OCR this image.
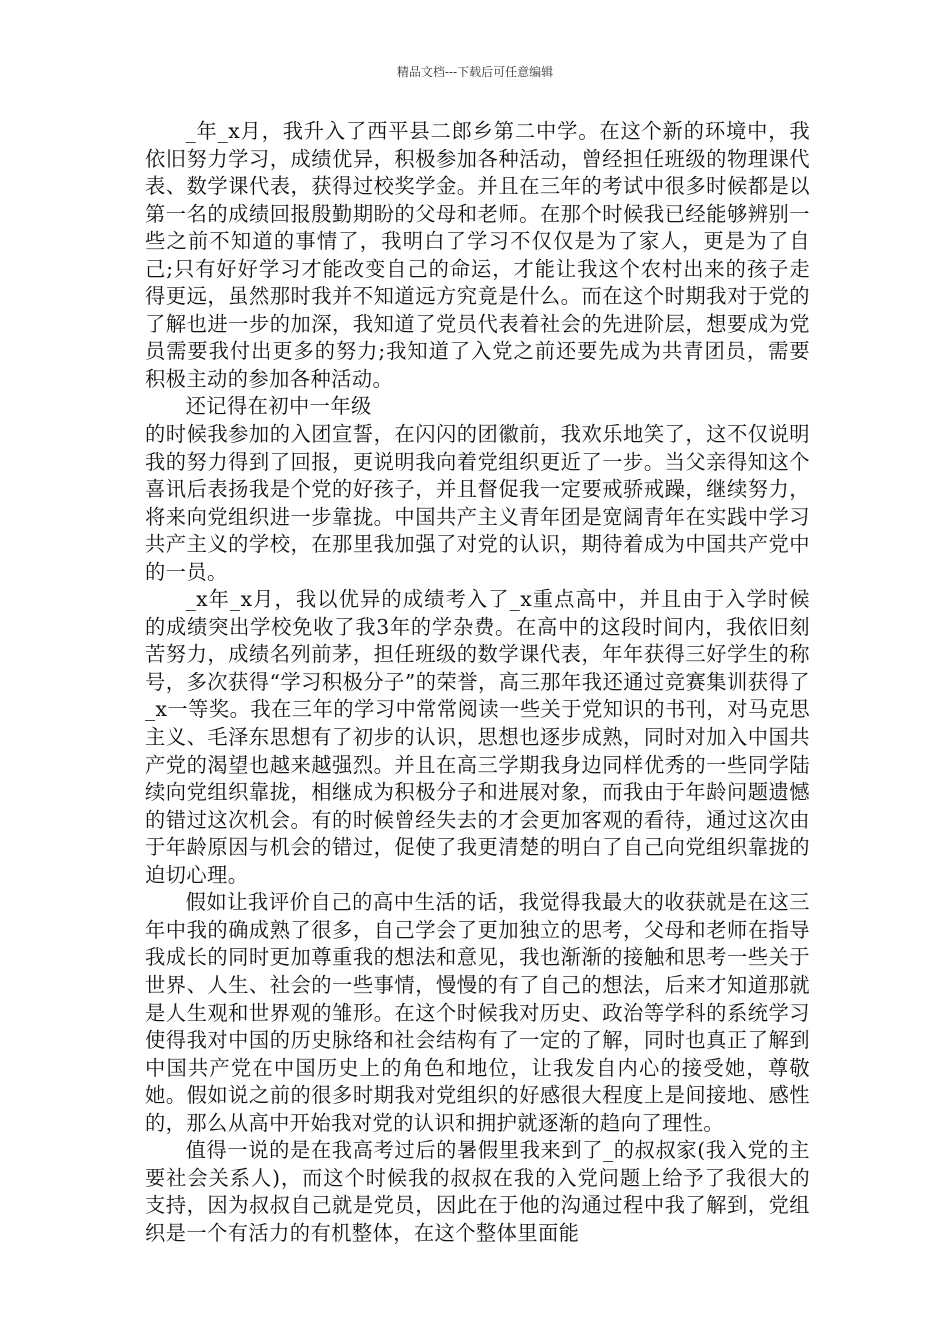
精品文档---下载后可任意编辑

_年_x月，我升入了西平县二郎乡第二中学。在这个新的环境中，我依旧努力学习，成绩优异，积极参加各种活动，曾经担任班级的物理课代表、数学课代表，获得过校奖学金。并且在三年的考试中很多时候都是以第一名的成绩回报殷勤期盼的父母和老师。在那个时候我已经能够辨别一些之前不知道的事情了，我明白了学习不仅仅是为了家人，更是为了自己;只有好好学习才能改变自己的命运，才能让我这个农村出来的孩子走得更远，虽然那时我并不知道远方究竟是什么。而在这个时期我对于党的了解也进一步的加深，我知道了党员代表着社会的先进阶层，想要成为党员需要我付出更多的努力;我知道了入党之前还要先成为共青团员，需要积极主动的参加各种活动。

还记得在初中一年级

的时候我参加的入团宣誓，在闪闪的团徽前，我欢乐地笑了，这不仅说明我的努力得到了回报，更说明我向着党组织更近了一步。当父亲得知这个喜讯后表扬我是个党的好孩子，并且督促我一定要戒骄戒躁，继续努力，将来向党组织进一步靠拢。中国共产主义青年团是宽阔青年在实践中学习共产主义的学校，在那里我加强了对党的认识，期待着成为中国共产党中的一员。

_x年_x月，我以优异的成绩考入了_x重点高中，并且由于入学时候的成绩突出学校免收了我3年的学杂费。在高中的这段时间内，我依旧刻苦努力，成绩名列前茅，担任班级的数学课代表，年年获得三好学生的称号，多次获得“学习积极分子”的荣誉，高三那年我还通过竞赛集训获得了_x一等奖。我在三年的学习中常常阅读一些关于党知识的书刊，对马克思主义、毛泽东思想有了初步的认识，思想也逐步成熟，同时对加入中国共产党的渴望也越来越强烈。并且在高三学期我身边同样优秀的一些同学陆续向党组织靠拢，相继成为积极分子和进展对象，而我由于年龄问题遗憾的错过这次机会。有的时候曾经失去的才会更加客观的看待，通过这次由于年龄原因与机会的错过，促使了我更清楚的明白了自己向党组织靠拢的迫切心理。

假如让我评价自己的高中生活的话，我觉得我最大的收获就是在这三年中我的确成熟了很多，自己学会了更加独立的思考，父母和老师在指导我成长的同时更加尊重我的想法和意见，我也渐渐的接触和思考一些关于世界、人生、社会的一些事情，慢慢的有了自己的想法，后来才知道那就是人生观和世界观的雏形。在这个时候我对历史、政治等学科的系统学习使得我对中国的历史脉络和社会结构有了一定的了解，同时也真正了解到中国共产党在中国历史上的角色和地位，让我发自内心的接受她，尊敬她。假如说之前的很多时期我对党组织的好感很大程度上是间接地、感性的，那么从高中开始我对党的认识和拥护就逐渐的趋向了理性。

值得一说的是在我高考过后的暑假里我来到了_的叔叔家(我入党的主要社会关系人)，而这个时候我的叔叔在我的入党问题上给予了我很大的支持，因为叔叔自己就是党员，因此在于他的沟通过程中我了解到，党组织是一个有活力的有机整体，在这个整体里面能
